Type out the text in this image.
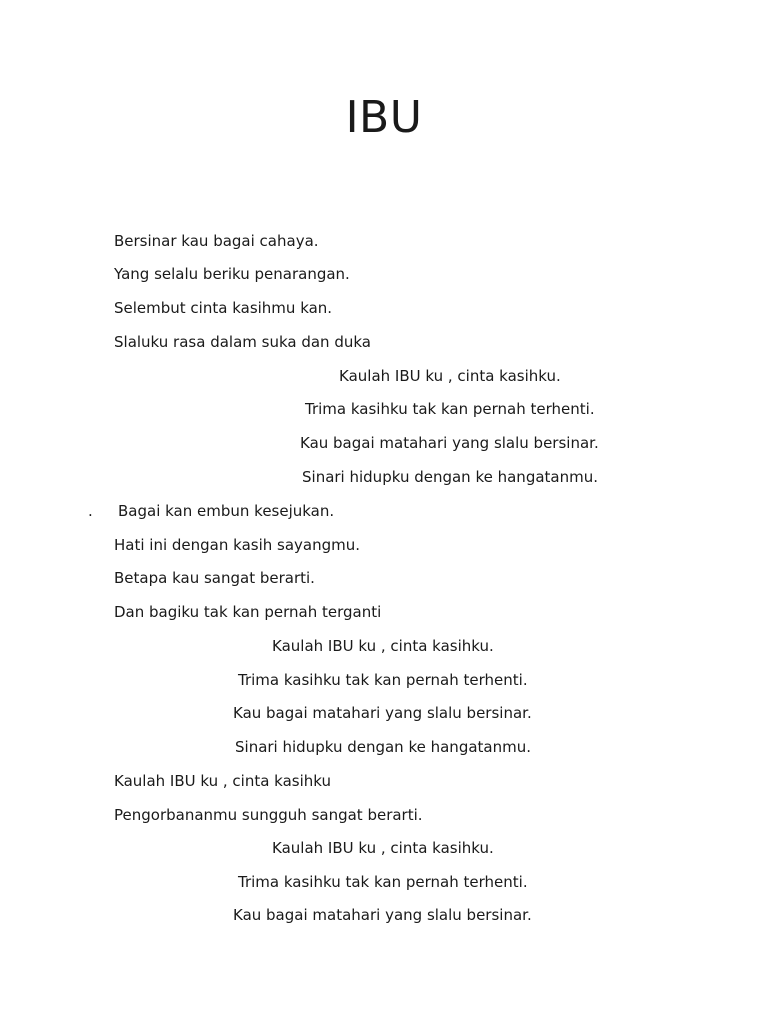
IBU
Bersinar kau bagai cahaya.
Yang selalu beriku penarangan.
Selembut cinta kasihmu kan.
Slaluku rasa dalam suka dan duka
Kaulah IBU ku , cinta kasihku.
Trima kasihku tak kan pernah terhenti.
Kau bagai matahari yang slalu bersinar.
Sinari hidupku dengan ke hangatanmu.
. Bagai kan embun kesejukan.
Hati ini dengan kasih sayangmu.
Betapa kau sangat berarti.
Dan bagiku tak kan pernah terganti
Kaulah IBU ku , cinta kasihku.
Trima kasihku tak kan pernah terhenti.
Kau bagai matahari yang slalu bersinar.
Sinari hidupku dengan ke hangatanmu.
Kaulah IBU ku , cinta kasihku
Pengorbananmu sungguh sangat berarti.
Kaulah IBU ku , cinta kasihku.
Trima kasihku tak kan pernah terhenti.
Kau bagai matahari yang slalu bersinar.
